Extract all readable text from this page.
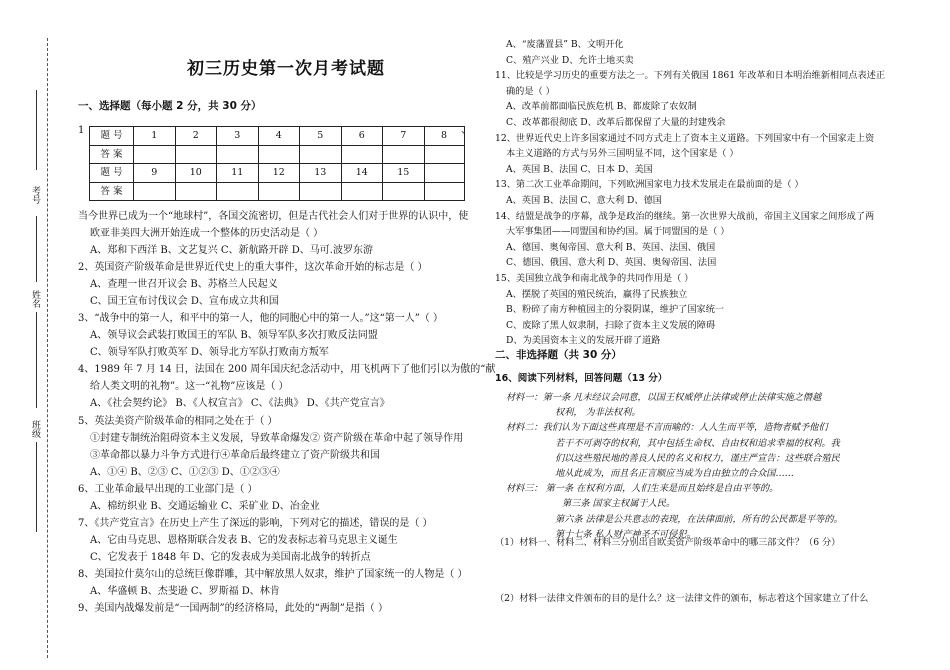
考号
姓名
班级
初三历史第一次月考试题
一、选择题（每小题 2 分，共 30 分）
1	、
题 号	1	2	3	4	5	6	7	8
答 案								
题 号	9	10	11	12	13	14	15	
答 案								
当今世界已成为一个“地球村”，各国交流密切，但是古代社会人们对于世界的认识中，使
欧亚非美四大洲开始连成一个整体的历史活动是（ ）
A、郑和下西洋 B、文艺复兴 C、新航路开辟 D、马可.波罗东游
2、英国资产阶级革命是世界近代史上的重大事件，这次革命开始的标志是（ ）
A、查理一世召开议会 B、苏格兰人民起义
C、国王宣布讨伐议会 D、宣布成立共和国
3、“战争中的第一人，和平中的第一人，他的同胞心中的第一人。”这“第一人”（ ）
A、领导议会武装打败国王的军队 B、领导军队多次打败反法同盟
C、领导军队打败英军 D、领导北方军队打败南方叛军
4、1989 年 7 月 14 日，法国在 200 周年国庆纪念活动中，用飞机两下了他们引以为傲的“献
给人类文明的礼物”。这一“礼物”应该是（ ）
A、《社会契约论》 B、《人权宣言》 C、《法典》 D、《共产党宣言》
5、英法美资产阶级革命的相同之处在于（ ）
①封建专制统治阻碍资本主义发展，导致革命爆发② 资产阶级在革命中起了领导作用
③革命都以暴力斗争方式进行④革命后最终建立了资产阶级共和国
A、①④ B、②③ C、①②③ D、①②③④
6、工业革命最早出现的工业部门是（ ）
A、棉纺织业 B、交通运输业 C、采矿业 D、冶金业
7、《共产党宣言》在历史上产生了深远的影响，下列对它的描述，错误的是（ ）
A、它由马克思、恩格斯联合发表 B、它的发表标志着马克思主义诞生
C、它发表于 1848 年 D、它的发表成为美国南北战争的转折点
8、美国拉什莫尔山的总统巨像群雕，其中解放黑人奴隶，维护了国家统一的人物是（ ）
A、华盛顿 B、杰斐逊 C、罗斯福 D、林肯
9、美国内战爆发前是“一国两制”的经济格局，此处的“两制”是指（ ）
A、“废藩置县” B、文明开化
C、殖产兴业 D、允许土地买卖
11、比较是学习历史的重要方法之一。下列有关俄国 1861 年改革和日本明治维新相同点表述正
确的是（ ）
A、改革前都面临民族危机 B、都废除了农奴制
C、改革都很彻底 D、改革后都保留了大量的封建残余
12、世界近代史上许多国家通过不同方式走上了资本主义道路。下列国家中有一个国家走上资
本主义道路的方式与另外三国明显不同，这个国家是（ ）
A、英国 B、法国 C、日本 D、美国
13、第二次工业革命期间，下列欧洲国家电力技术发展走在最前面的是（ ）
A、英国 B、法国 C、意大利 D、德国
14、结盟是战争的序幕，战争是政治的继续。第一次世界大战前，帝国主义国家之间形成了两
大军事集团——同盟国和协约国。属于同盟国的是（ ）
A、德国、奥匈帝国、意大利 B、英国、法国、俄国
C、德国、俄国、意大利 D、英国、奥匈帝国、法国
15、美国独立战争和南北战争的共同作用是（ ）
A、摆脱了英国的殖民统治，赢得了民族独立
B、粉碎了南方种植园主的分裂阴谋，维护了国家统一
C、废除了黑人奴隶制，扫除了资本主义发展的障碍
D、为美国资本主义的发展开辟了道路
二、非选择题（共 30 分）
16、阅读下列材料，回答问题（13 分）
材料一：第一条 凡未经议会同意，以国王权威停止法律或停止法律实施之僭越
权利， 为非法权利。
材料二：我们认为下面这些真理是不言而喻的：人人生而平等，造物者赋予他们
若干不可剥夺的权利，其中包括生命权、自由权和追求幸福的权利。我
们以这些殖民地的善良人民的名义和权力，谨庄严宣告：这些联合殖民
地从此成为，而且名正言顺应当成为自由独立的合众国……
材料三： 第一条 在权利方面，人们生来是而且始终是自由平等的。
第三条 国家主权属于人民。
第六条 法律是公共意志的表现，在法律面前，所有的公民都是平等的。
第十七条 私人财产神圣不可侵犯。
（1）材料一、材料二、材料三分别出自欧美资产阶级革命中的哪三部文件？（6 分）
（2）材料一法律文件颁布的目的是什么？这一法律文件的颁布，标志着这个国家建立了什么
